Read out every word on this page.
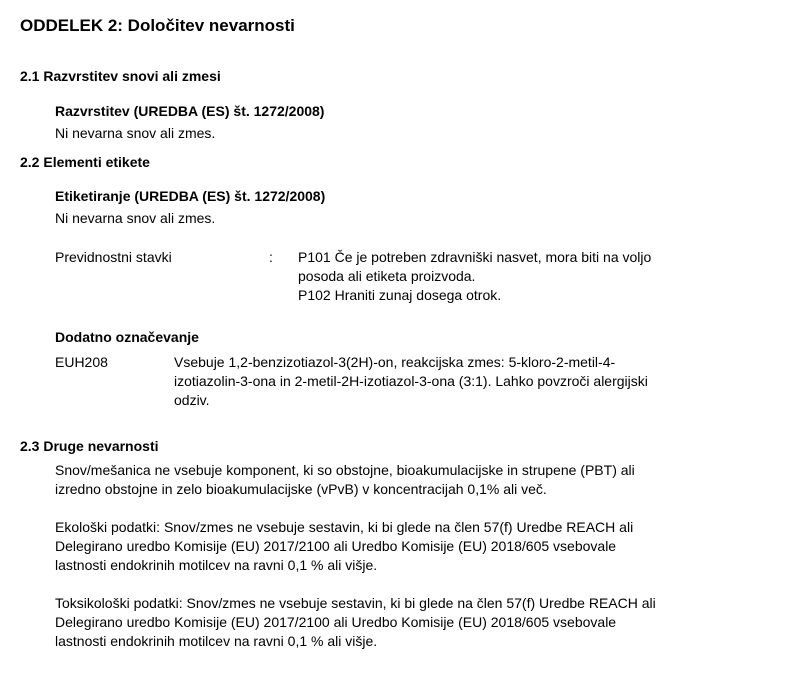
ODDELEK 2: Določitev nevarnosti
2.1 Razvrstitev snovi ali zmesi
Razvrstitev (UREDBA (ES) št. 1272/2008)
Ni nevarna snov ali zmes.
2.2 Elementi etikete
Etiketiranje (UREDBA (ES) št. 1272/2008)
Ni nevarna snov ali zmes.
Previdnostni stavki	: P101 Če je potreben zdravniški nasvet, mora biti na voljo
posoda ali etiketa proizvoda.
P102 Hraniti zunaj dosega otrok.
Dodatno označevanje
EUH208	Vsebuje 1,2-benzizotiazol-3(2H)-on, reakcijska zmes: 5-kloro-2-metil-4-
izotiazolin-3-ona in 2-metil-2H-izotiazol-3-ona (3:1). Lahko povzroči alergijski
odziv.
2.3 Druge nevarnosti
Snov/mešanica ne vsebuje komponent, ki so obstojne, bioakumulacijske in strupene (PBT) ali
izredno obstojne in zelo bioakumulacijske (vPvB) v koncentracijah 0,1% ali več.
Ekološki podatki: Snov/zmes ne vsebuje sestavin, ki bi glede na člen 57(f) Uredbe REACH ali
Delegirano uredbo Komisije (EU) 2017/2100 ali Uredbo Komisije (EU) 2018/605 vsebovale
lastnosti endokrinih motilcev na ravni 0,1 % ali višje.
Toksikološki podatki: Snov/zmes ne vsebuje sestavin, ki bi glede na člen 57(f) Uredbe REACH ali
Delegirano uredbo Komisije (EU) 2017/2100 ali Uredbo Komisije (EU) 2018/605 vsebovale
lastnosti endokrinih motilcev na ravni 0,1 % ali višje.
